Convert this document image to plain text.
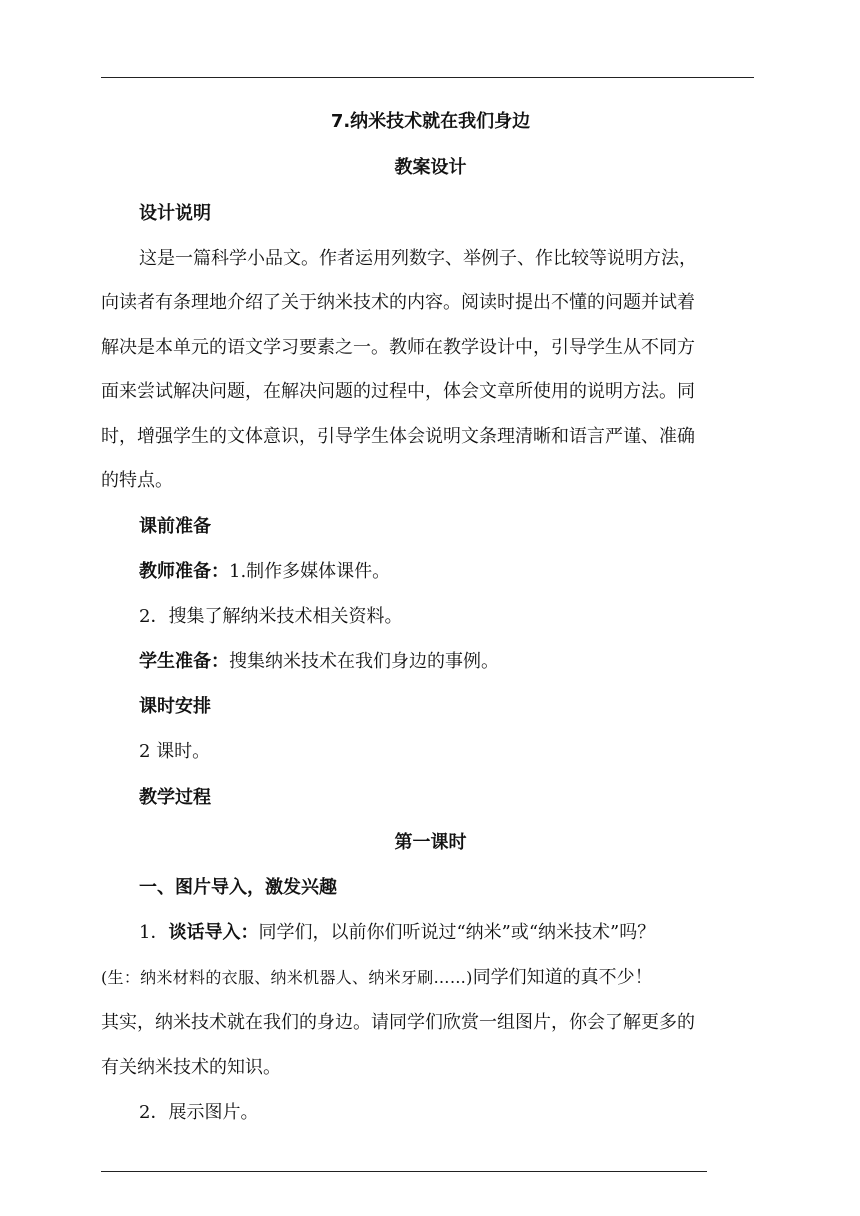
7.纳米技术就在我们身边
教案设计
设计说明
这是一篇科学小品文。作者运用列数字、举例子、作比较等说明方法，
向读者有条理地介绍了关于纳米技术的内容。阅读时提出不懂的问题并试着
解决是本单元的语文学习要素之一。教师在教学设计中，引导学生从不同方
面来尝试解决问题，在解决问题的过程中，体会文章所使用的说明方法。同
时，增强学生的文体意识，引导学生体会说明文条理清晰和语言严谨、准确
的特点。
课前准备
教师准备：1.制作多媒体课件。
2．搜集了解纳米技术相关资料。
学生准备：搜集纳米技术在我们身边的事例。
课时安排
2 课时。
教学过程
第一课时
一、图片导入，激发兴趣
1．谈话导入：同学们，以前你们听说过“纳米”或“纳米技术”吗？
(生：纳米材料的衣服、纳米机器人、纳米牙刷……)同学们知道的真不少！
其实，纳米技术就在我们的身边。请同学们欣赏一组图片，你会了解更多的
有关纳米技术的知识。
2．展示图片。
